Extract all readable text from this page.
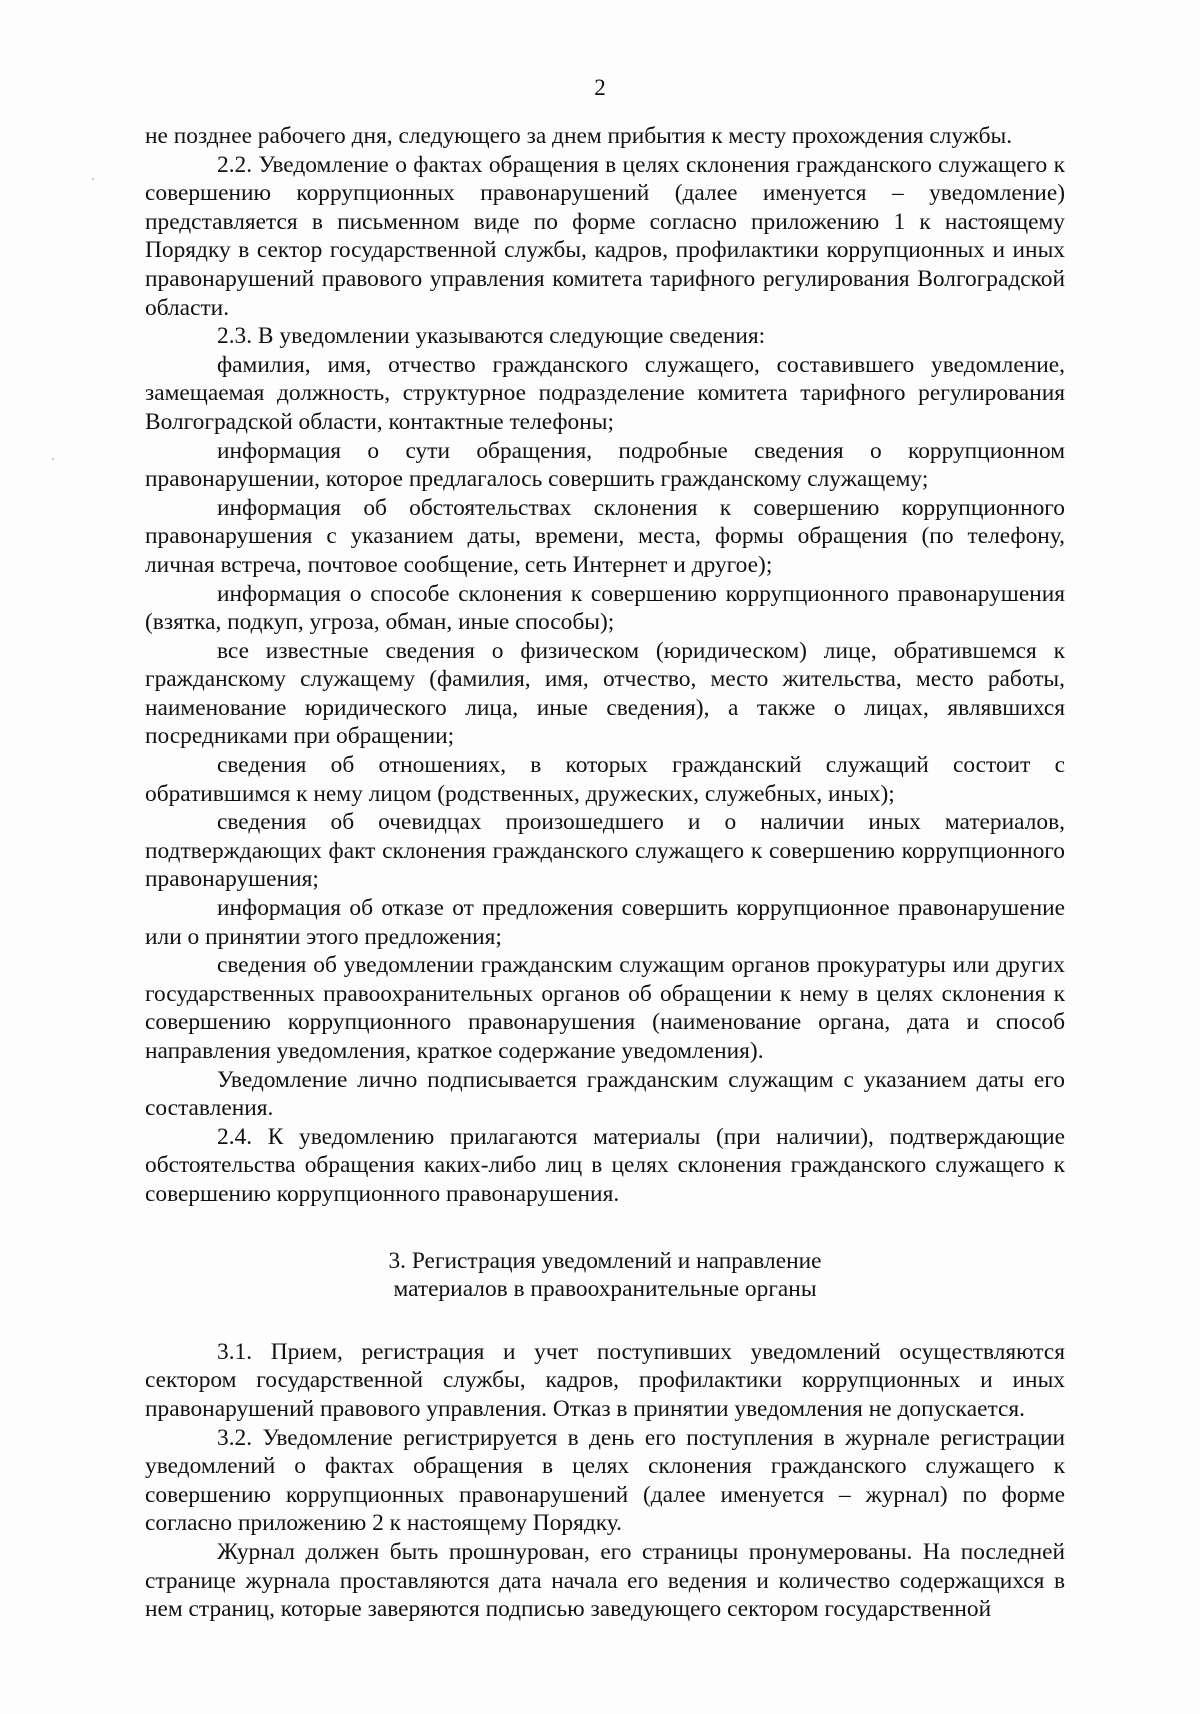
2

не позднее рабочего дня, следующего за днем прибытия к месту прохождения службы.

2.2. Уведомление о фактах обращения в целях склонения гражданского служащего к совершению коррупционных правонарушений (далее именуется – уведомление) представляется в письменном виде по форме согласно приложению 1 к настоящему Порядку в сектор государственной службы, кадров, профилактики коррупционных и иных правонарушений правового управления комитета тарифного регулирования Волгоградской области.

2.3. В уведомлении указываются следующие сведения:

фамилия, имя, отчество гражданского служащего, составившего уведомление, замещаемая должность, структурное подразделение комитета тарифного регулирования Волгоградской области, контактные телефоны;

информация о сути обращения, подробные сведения о коррупционном правонарушении, которое предлагалось совершить гражданскому служащему;

информация об обстоятельствах склонения к совершению коррупционного правонарушения с указанием даты, времени, места, формы обращения (по телефону, личная встреча, почтовое сообщение, сеть Интернет и другое);

информация о способе склонения к совершению коррупционного правонарушения (взятка, подкуп, угроза, обман, иные способы);

все известные сведения о физическом (юридическом) лице, обратившемся к гражданскому служащему (фамилия, имя, отчество, место жительства, место работы, наименование юридического лица, иные сведения), а также о лицах, являвшихся посредниками при обращении;

сведения об отношениях, в которых гражданский служащий состоит с обратившимся к нему лицом (родственных, дружеских, служебных, иных);

сведения об очевидцах произошедшего и о наличии иных материалов, подтверждающих факт склонения гражданского служащего к совершению коррупционного правонарушения;

информация об отказе от предложения совершить коррупционное правонарушение или о принятии этого предложения;

сведения об уведомлении гражданским служащим органов прокуратуры или других государственных правоохранительных органов об обращении к нему в целях склонения к совершению коррупционного правонарушения (наименование органа, дата и способ направления уведомления, краткое содержание уведомления).

Уведомление лично подписывается гражданским служащим с указанием даты его составления.

2.4. К уведомлению прилагаются материалы (при наличии), подтверждающие обстоятельства обращения каких-либо лиц в целях склонения гражданского служащего к совершению коррупционного правонарушения.

3. Регистрация уведомлений и направление

материалов в правоохранительные органы

3.1. Прием, регистрация и учет поступивших уведомлений осуществляются сектором государственной службы, кадров, профилактики коррупционных и иных правонарушений правового управления. Отказ в принятии уведомления не допускается.

3.2. Уведомление регистрируется в день его поступления в журнале регистрации уведомлений о фактах обращения в целях склонения гражданского служащего к совершению коррупционных правонарушений (далее именуется – журнал) по форме согласно приложению 2 к настоящему Порядку.

Журнал должен быть прошнурован, его страницы пронумерованы. На последней странице журнала проставляются дата начала его ведения и количество содержащихся в нем страниц, которые заверяются подписью заведующего сектором государственной
